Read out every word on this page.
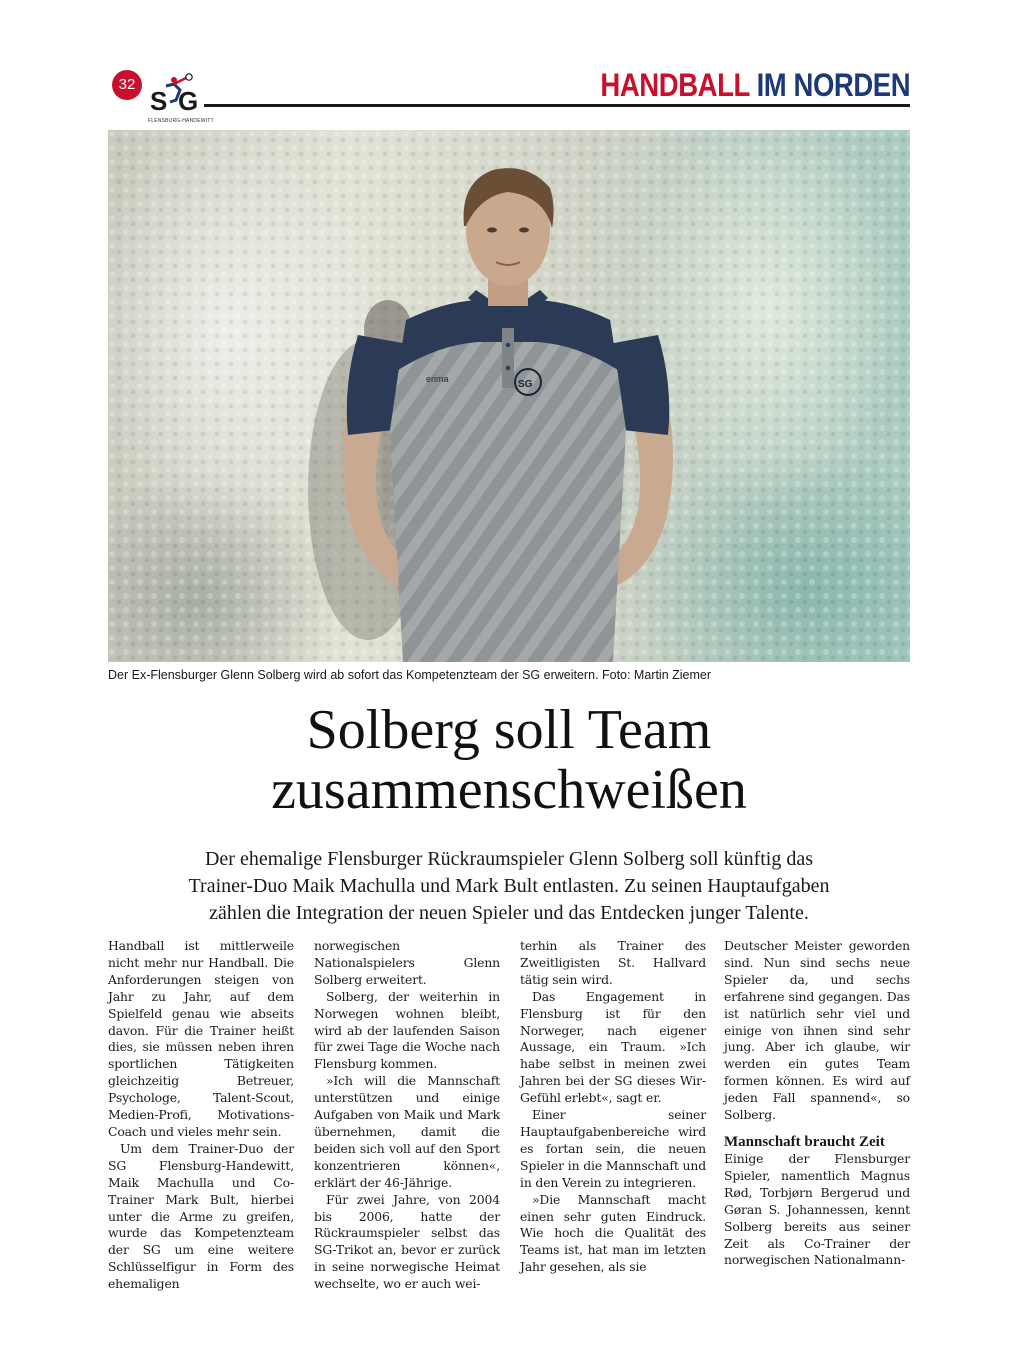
32
S G
FLENSBURG-HANDEWITT
HANDBALL IM NORDEN
erima	SG
Der Ex-Flensburger Glenn Solberg wird ab sofort das Kompetenzteam der SG erweitern. Foto: Martin Ziemer
Solberg soll Team
zusammenschweißen
Der ehemalige Flensburger Rückraumspieler Glenn Solberg soll künftig das
Trainer-Duo Maik Machulla und Mark Bult entlasten. Zu seinen Hauptaufgaben
zählen die Integration der neuen Spieler und das Entdecken junger Talente.

Handball ist mittlerweile nicht mehr nur Handball. Die Anforderungen steigen von Jahr zu Jahr, auf dem Spielfeld genau wie abseits davon. Für die Trainer heißt dies, sie müssen neben ihren sportlichen Tätigkeiten gleichzeitig Betreuer, Psychologe, Talent-Scout, Medien-Profi, Motivations-Coach und vieles mehr sein.

Um dem Trainer-Duo der SG Flensburg-Handewitt, Maik Machulla und Co-Trainer Mark Bult, hierbei unter die Arme zu greifen, wurde das Kompetenzteam der SG um eine weitere Schlüsselfigur in Form des ehemaligen

norwegischen Nationalspielers Glenn Solberg erweitert.

Solberg, der weiterhin in Norwegen wohnen bleibt, wird ab der laufenden Saison für zwei Tage die Woche nach Flensburg kommen.

»Ich will die Mannschaft unterstützen und einige Aufgaben von Maik und Mark übernehmen, damit die beiden sich voll auf den Sport konzentrieren können«, erklärt der 46-Jährige.

Für zwei Jahre, von 2004 bis 2006, hatte der Rückraumspieler selbst das SG-Trikot an, bevor er zurück in seine norwegische Heimat wechselte, wo er auch wei-

terhin als Trainer des Zweitligisten St. Hallvard tätig sein wird.

Das Engagement in Flensburg ist für den Norweger, nach eigener Aussage, ein Traum. »Ich habe selbst in meinen zwei Jahren bei der SG dieses Wir-Gefühl erlebt«, sagt er.

Einer seiner Hauptaufgabenbereiche wird es fortan sein, die neuen Spieler in die Mannschaft und in den Verein zu integrieren.

»Die Mannschaft macht einen sehr guten Eindruck. Wie hoch die Qualität des Teams ist, hat man im letzten Jahr gesehen, als sie

Deutscher Meister geworden sind. Nun sind sechs neue Spieler da, und sechs erfahrene sind gegangen. Das ist natürlich sehr viel und einige von ihnen sind sehr jung. Aber ich glaube, wir werden ein gutes Team formen können. Es wird auf jeden Fall spannend«, so Solberg.

Mannschaft braucht Zeit

Einige der Flensburger Spieler, namentlich Magnus Rød, Torbjørn Bergerud und Gøran S. Johannessen, kennt Solberg bereits aus seiner Zeit als Co-Trainer der norwegischen Nationalmann-
